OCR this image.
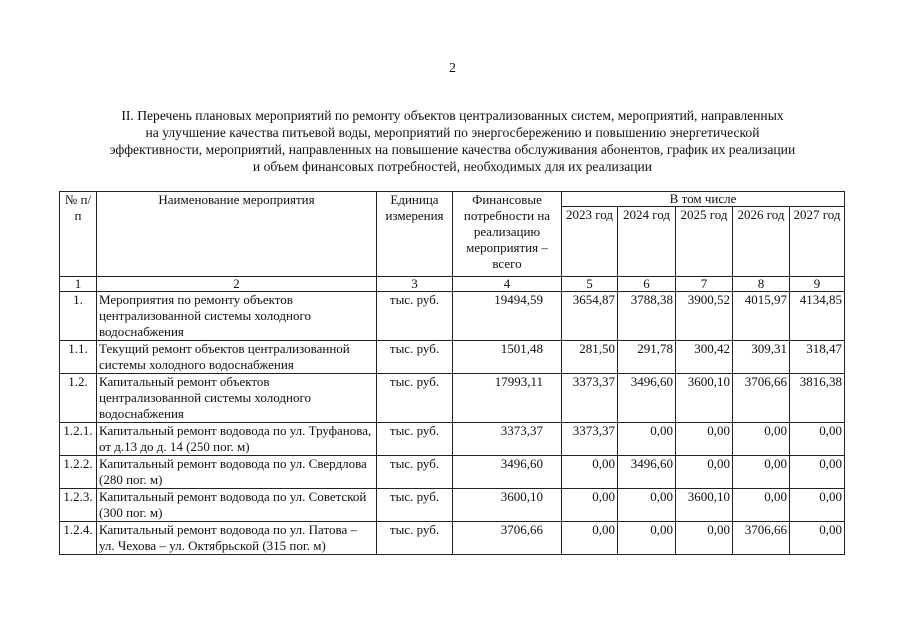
2
II. Перечень плановых мероприятий по ремонту объектов централизованных систем, мероприятий, направленных
на улучшение качества питьевой воды, мероприятий по энергосбережению и повышению энергетической
эффективности, мероприятий, направленных на повышение качества обслуживания абонентов, график их реализации
и объем финансовых потребностей, необходимых для их реализации
№ п/п	Наименование мероприятия	Единица измерения	Финансовые потребности на реализацию мероприятия – всего	В том числе				
				2023 год	2024 год	2025 год	2026 год	2027 год
1	2	3	4	5	6	7	8	9
1.	Мероприятия по ремонту объектов централизованной системы холодного водоснабжения	тыс. руб.	19494,59	3654,87	3788,38	3900,52	4015,97	4134,85
1.1.	Текущий ремонт объектов централизованной системы холодного водоснабжения	тыс. руб.	1501,48	281,50	291,78	300,42	309,31	318,47
1.2.	Капитальный ремонт объектов централизованной системы холодного водоснабжения	тыс. руб.	17993,11	3373,37	3496,60	3600,10	3706,66	3816,38
1.2.1.	Капитальный ремонт водовода по ул. Труфанова, от д.13 до д. 14 (250 пог. м)	тыс. руб.	3373,37	3373,37	0,00	0,00	0,00	0,00
1.2.2.	Капитальный ремонт водовода по ул. Свердлова (280 пог. м)	тыс. руб.	3496,60	0,00	3496,60	0,00	0,00	0,00
1.2.3.	Капитальный ремонт водовода по ул. Советской (300 пог. м)	тыс. руб.	3600,10	0,00	0,00	3600,10	0,00	0,00
1.2.4.	Капитальный ремонт водовода по ул. Патова – ул. Чехова – ул. Октябрьской (315 пог. м)	тыс. руб.	3706,66	0,00	0,00	0,00	3706,66	0,00
